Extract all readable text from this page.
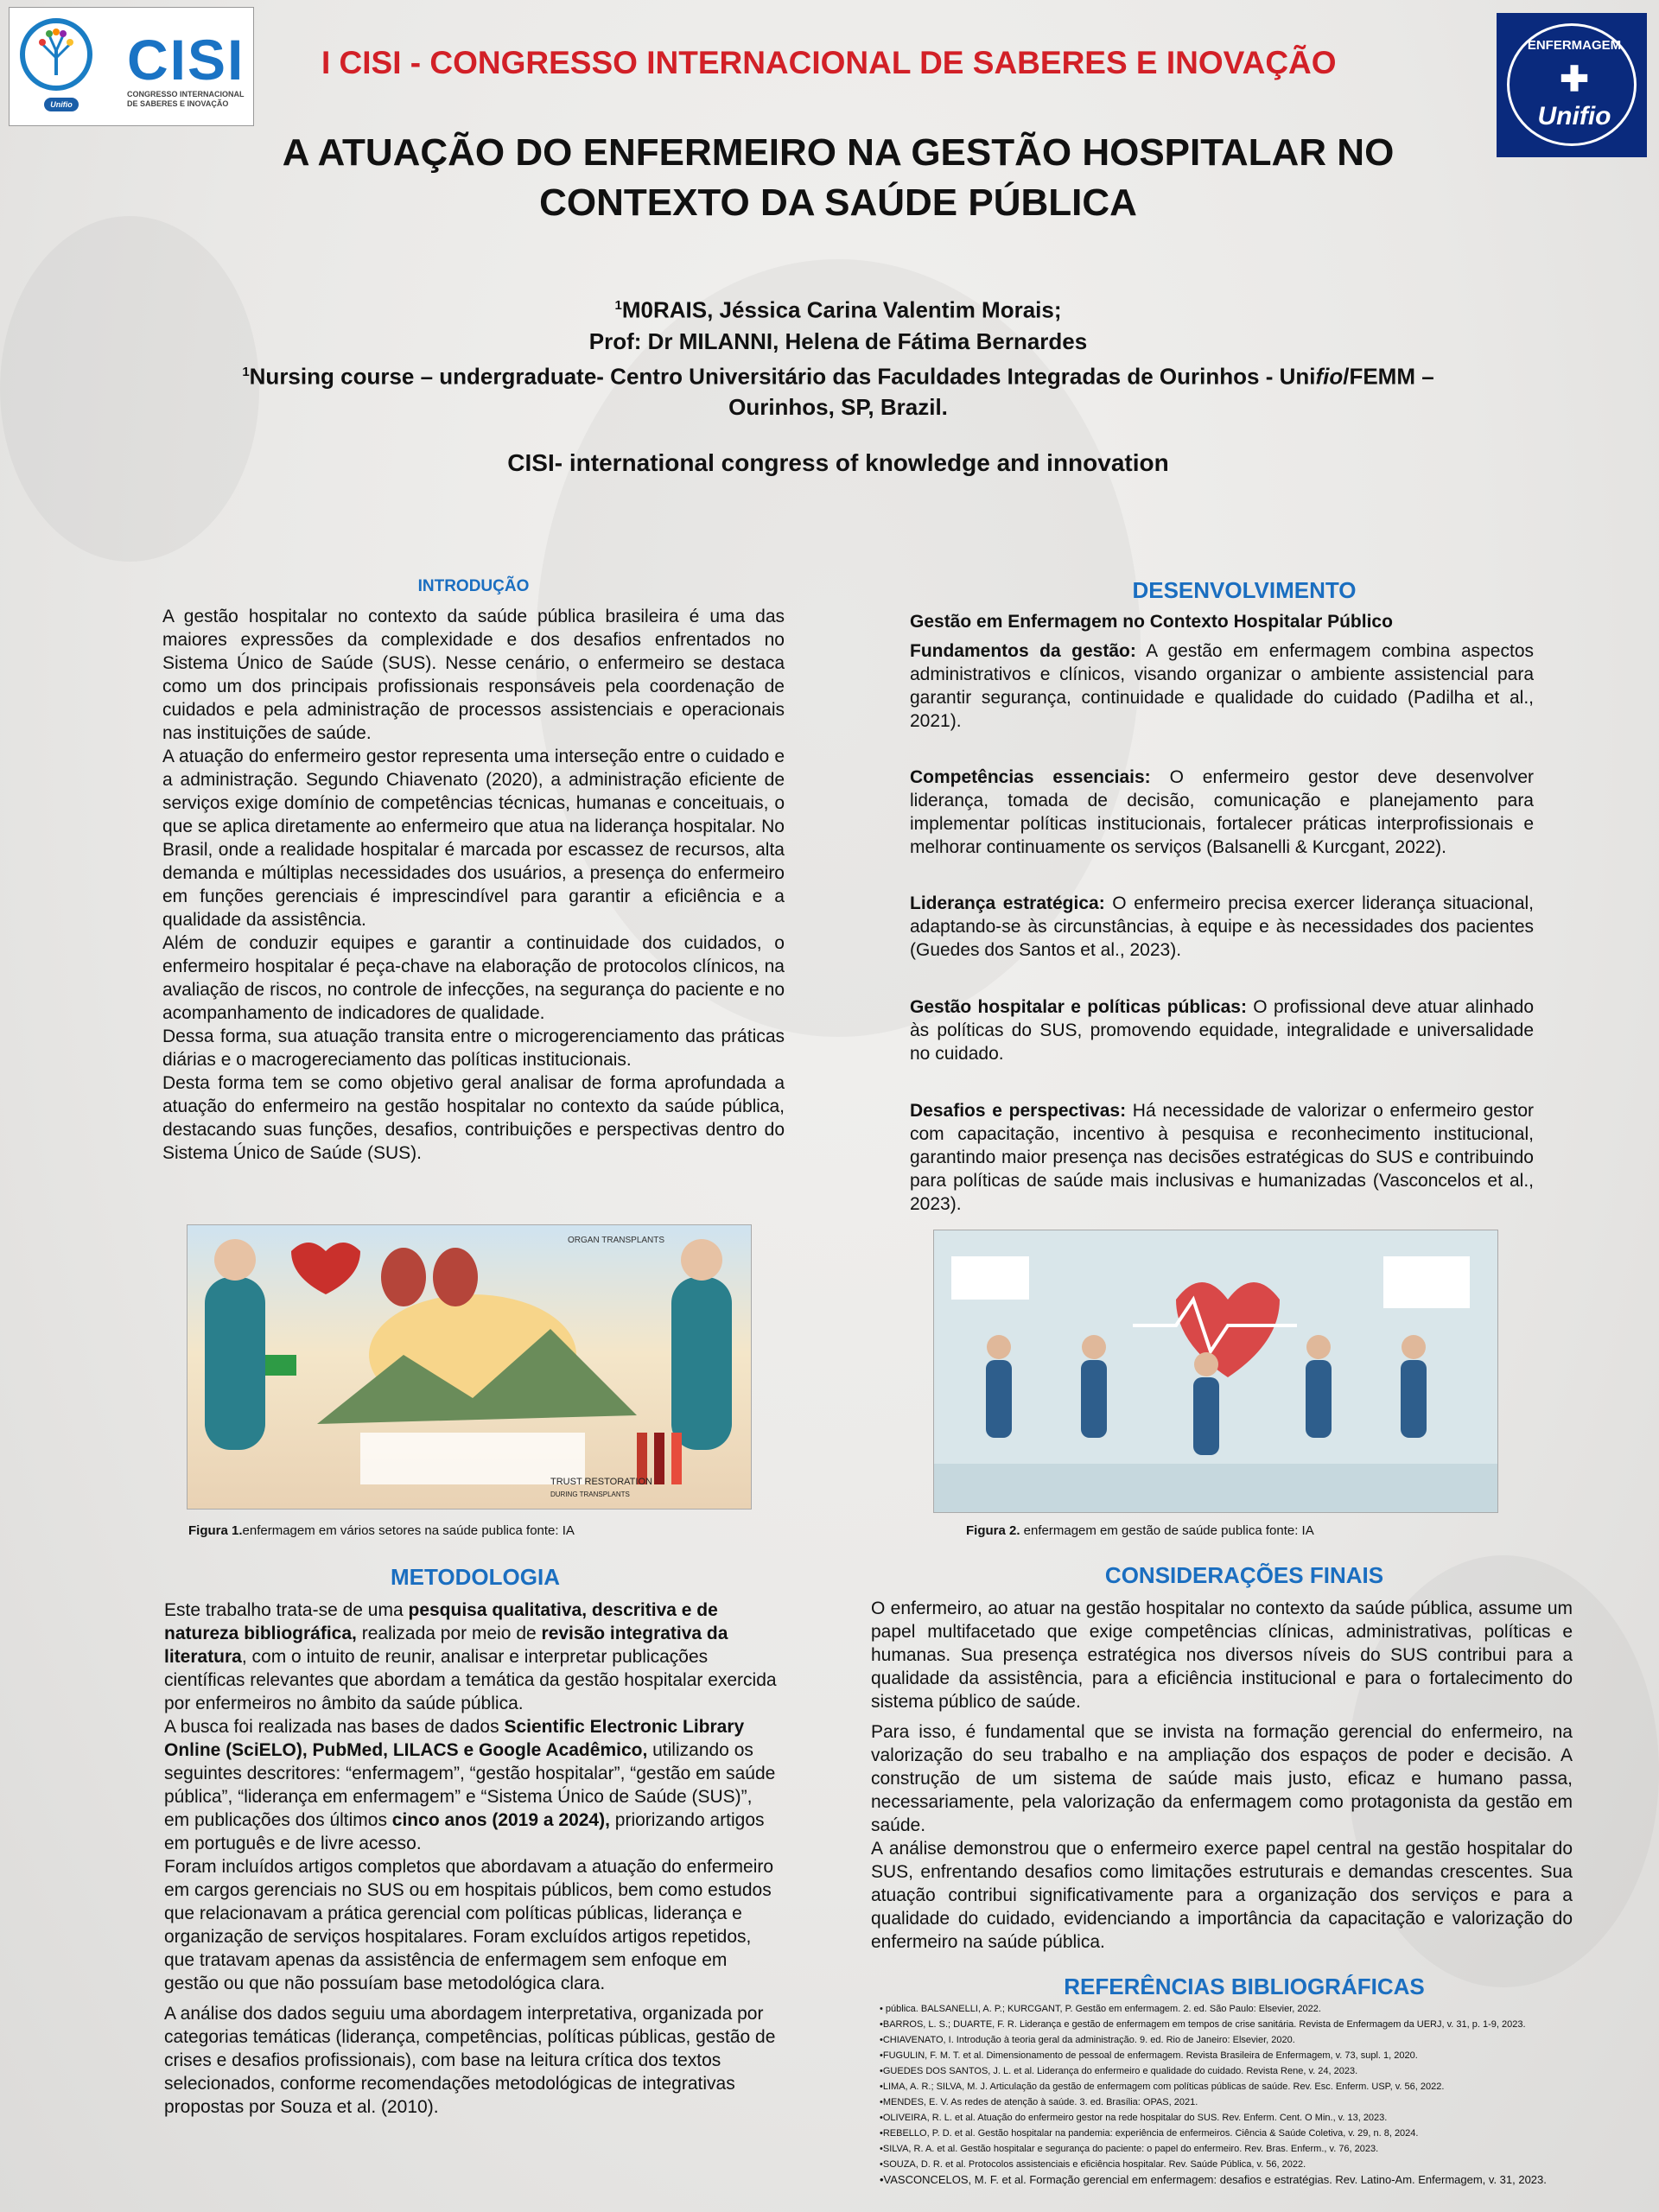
Unifio
CISI
CONGRESSO INTERNACIONAL DE SABERES E INOVAÇÃO
I CISI - CONGRESSO INTERNACIONAL DE SABERES E INOVAÇÃO	ENFERMAGEM
✚
Unifio
A ATUAÇÃO DO ENFERMEIRO NA GESTÃO HOSPITALAR NO
CONTEXTO DA SAÚDE PÚBLICA
$^1$M0RAIS, Jéssica Carina Valentim Morais;
Prof: Dr MILANNI, Helena de Fátima Bernardes
$^1$Nursing course – undergraduate- Centro Universitário das Faculdades Integradas de Ourinhos - Unifio/FEMM –
Ourinhos, SP, Brazil.
CISI- international congress of knowledge and innovation
INTRODUÇÃO

A gestão hospitalar no contexto da saúde pública brasileira é uma das maiores expressões da complexidade e dos desafios enfrentados no Sistema Único de Saúde (SUS). Nesse cenário, o enfermeiro se destaca como um dos principais profissionais responsáveis pela coordenação de cuidados e pela administração de processos assistenciais e operacionais nas instituições de saúde.

A atuação do enfermeiro gestor representa uma interseção entre o cuidado e a administração. Segundo Chiavenato (2020), a administração eficiente de serviços exige domínio de competências técnicas, humanas e conceituais, o que se aplica diretamente ao enfermeiro que atua na liderança hospitalar. No Brasil, onde a realidade hospitalar é marcada por escassez de recursos, alta demanda e múltiplas necessidades dos usuários, a presença do enfermeiro em funções gerenciais é imprescindível para garantir a eficiência e a qualidade da assistência.

Além de conduzir equipes e garantir a continuidade dos cuidados, o enfermeiro hospitalar é peça-chave na elaboração de protocolos clínicos, na avaliação de riscos, no controle de infecções, na segurança do paciente e no acompanhamento de indicadores de qualidade.

Dessa forma, sua atuação transita entre o microgerenciamento das práticas diárias e o macrogereciamento das políticas institucionais.

Desta forma tem se como objetivo geral analisar de forma aprofundada a atuação do enfermeiro na gestão hospitalar no contexto da saúde pública, destacando suas funções, desafios, contribuições e perspectivas dentro do Sistema Único de Saúde (SUS).

DESENVOLVIMENTO
Gestão em Enfermagem no Contexto Hospitalar Público
Fundamentos da gestão: A gestão em enfermagem combina aspectos administrativos e clínicos, visando organizar o ambiente assistencial para garantir segurança, continuidade e qualidade do cuidado (Padilha et al., 2021).
Competências essenciais: O enfermeiro gestor deve desenvolver liderança, tomada de decisão, comunicação e planejamento para implementar políticas institucionais, fortalecer práticas interprofissionais e melhorar continuamente os serviços (Balsanelli & Kurcgant, 2022).
Liderança estratégica: O enfermeiro precisa exercer liderança situacional, adaptando-se às circunstâncias, à equipe e às necessidades dos pacientes (Guedes dos Santos et al., 2023).
Gestão hospitalar e políticas públicas: O profissional deve atuar alinhado às políticas do SUS, promovendo equidade, integralidade e universalidade no cuidado.
Desafios e perspectivas: Há necessidade de valorizar o enfermeiro gestor com capacitação, incentivo à pesquisa e reconhecimento institucional, garantindo maior presença nas decisões estratégicas do SUS e contribuindo para políticas de saúde mais inclusivas e humanizadas (Vasconcelos et al., 2023).
ORGAN TRANSPLANTS
TRUST RESTORATION
DURING TRANSPLANTS
Figura 1.enfermagem em vários setores na saúde publica fonte: IA	Figura 2. enfermagem em gestão de saúde publica fonte: IA
METODOLOGIA

Este trabalho trata-se de uma pesquisa qualitativa, descritiva e de natureza bibliográfica, realizada por meio de revisão integrativa da literatura, com o intuito de reunir, analisar e interpretar publicações científicas relevantes que abordam a temática da gestão hospitalar exercida por enfermeiros no âmbito da saúde pública.

A busca foi realizada nas bases de dados Scientific Electronic Library Online (SciELO), PubMed, LILACS e Google Acadêmico, utilizando os seguintes descritores: “enfermagem”, “gestão hospitalar”, “gestão em saúde pública”, “liderança em enfermagem” e “Sistema Único de Saúde (SUS)”, em publicações dos últimos cinco anos (2019 a 2024), priorizando artigos em português e de livre acesso.

Foram incluídos artigos completos que abordavam a atuação do enfermeiro em cargos gerenciais no SUS ou em hospitais públicos, bem como estudos que relacionavam a prática gerencial com políticas públicas, liderança e organização de serviços hospitalares. Foram excluídos artigos repetidos, que tratavam apenas da assistência de enfermagem sem enfoque em gestão ou que não possuíam base metodológica clara.

A análise dos dados seguiu uma abordagem interpretativa, organizada por categorias temáticas (liderança, competências, políticas públicas, gestão de crises e desafios profissionais), com base na leitura crítica dos textos selecionados, conforme recomendações metodológicas de integrativas propostas por Souza et al. (2010).

CONSIDERAÇÕES FINAIS

O enfermeiro, ao atuar na gestão hospitalar no contexto da saúde pública, assume um papel multifacetado que exige competências clínicas, administrativas, políticas e humanas. Sua presença estratégica nos diversos níveis do SUS contribui para a qualidade da assistência, para a eficiência institucional e para o fortalecimento do sistema público de saúde.

Para isso, é fundamental que se invista na formação gerencial do enfermeiro, na valorização do seu trabalho e na ampliação dos espaços de poder e decisão. A construção de um sistema de saúde mais justo, eficaz e humano passa, necessariamente, pela valorização da enfermagem como protagonista da gestão em saúde.

A análise demonstrou que o enfermeiro exerce papel central na gestão hospitalar do SUS, enfrentando desafios como limitações estruturais e demandas crescentes. Sua atuação contribui significativamente para a organização dos serviços e para a qualidade do cuidado, evidenciando a importância da capacitação e valorização do enfermeiro na saúde pública.

REFERÊNCIAS BIBLIOGRÁFICAS
• pública. BALSANELLI, A. P.; KURCGANT, P. Gestão em enfermagem. 2. ed. São Paulo: Elsevier, 2022.
•BARROS, L. S.; DUARTE, F. R. Liderança e gestão de enfermagem em tempos de crise sanitária. Revista de Enfermagem da UERJ, v. 31, p. 1-9, 2023.
•CHIAVENATO, I. Introdução à teoria geral da administração. 9. ed. Rio de Janeiro: Elsevier, 2020.
•FUGULIN, F. M. T. et al. Dimensionamento de pessoal de enfermagem. Revista Brasileira de Enfermagem, v. 73, supl. 1, 2020.
•GUEDES DOS SANTOS, J. L. et al. Liderança do enfermeiro e qualidade do cuidado. Revista Rene, v. 24, 2023.
•LIMA, A. R.; SILVA, M. J. Articulação da gestão de enfermagem com políticas públicas de saúde. Rev. Esc. Enferm. USP, v. 56, 2022.
•MENDES, E. V. As redes de atenção à saúde. 3. ed. Brasília: OPAS, 2021.
•OLIVEIRA, R. L. et al. Atuação do enfermeiro gestor na rede hospitalar do SUS. Rev. Enferm. Cent. O Min., v. 13, 2023.
•REBELLO, P. D. et al. Gestão hospitalar na pandemia: experiência de enfermeiros. Ciência & Saúde Coletiva, v. 29, n. 8, 2024.
•SILVA, R. A. et al. Gestão hospitalar e segurança do paciente: o papel do enfermeiro. Rev. Bras. Enferm., v. 76, 2023.
•SOUZA, D. R. et al. Protocolos assistenciais e eficiência hospitalar. Rev. Saúde Pública, v. 56, 2022.
•VASCONCELOS, M. F. et al. Formação gerencial em enfermagem: desafios e estratégias. Rev. Latino-Am. Enfermagem, v. 31, 2023.
